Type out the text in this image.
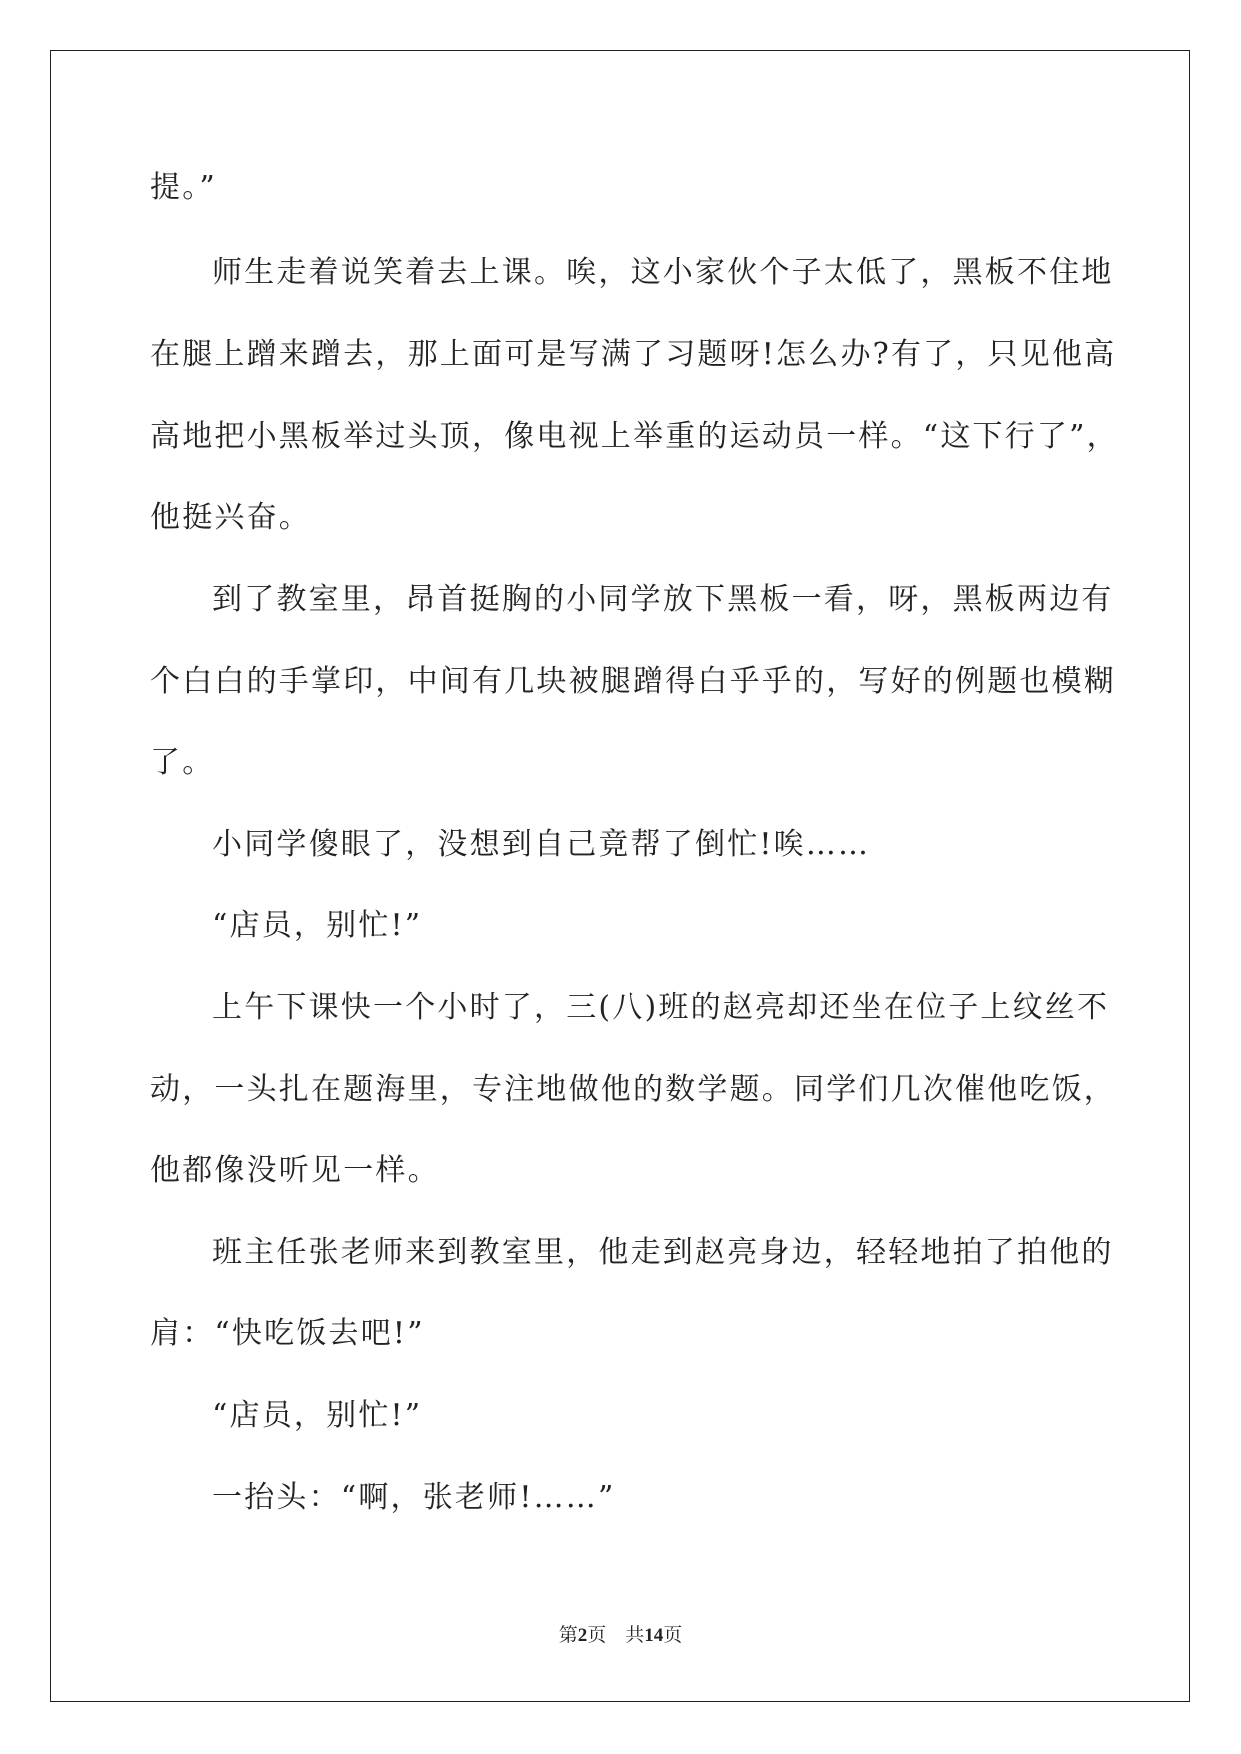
提。”
师生走着说笑着去上课。唉，这小家伙个子太低了，黑板不住地
在腿上蹭来蹭去，那上面可是写满了习题呀!怎么办?有了，只见他高
高地把小黑板举过头顶，像电视上举重的运动员一样。“这下行了”，
他挺兴奋。
到了教室里，昂首挺胸的小同学放下黑板一看，呀，黑板两边有
个白白的手掌印，中间有几块被腿蹭得白乎乎的，写好的例题也模糊
了。
小同学傻眼了，没想到自己竟帮了倒忙!唉……
“店员，别忙!”
上午下课快一个小时了，三(八)班的赵亮却还坐在位子上纹丝不
动，一头扎在题海里，专注地做他的数学题。同学们几次催他吃饭，
他都像没听见一样。
班主任张老师来到教室里，他走到赵亮身边，轻轻地拍了拍他的
肩：“快吃饭去吧!”
“店员，别忙!”
一抬头：“啊，张老师!……”
第2页 共14页
